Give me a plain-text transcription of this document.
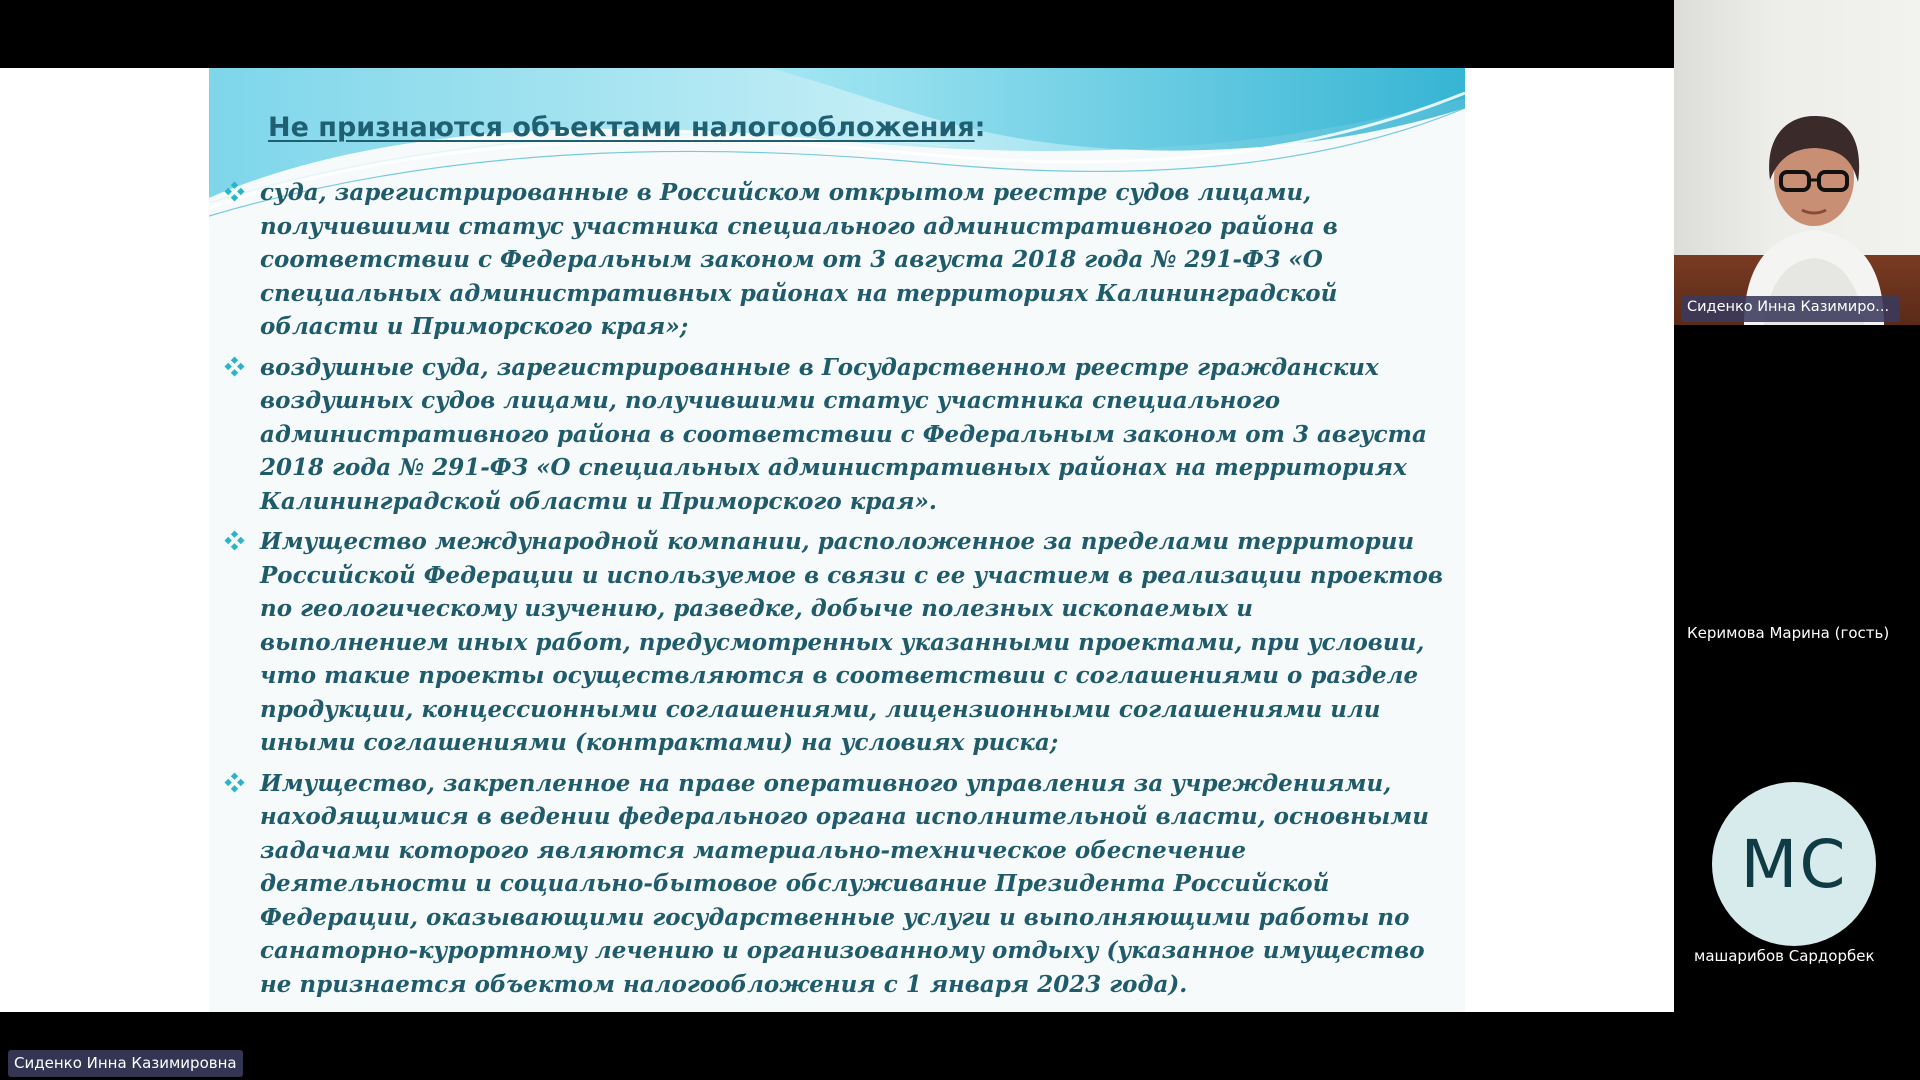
Не признаются объектами налогообложения:
суда, зарегистрированные в Российском открытом реестре судов лицами, получившими статус участника специального административного района в соответствии с Федеральным законом от 3 августа 2018 года № 291-ФЗ «О специальных административных районах на территориях Калининградской области и Приморского края»;
воздушные суда, зарегистрированные в Государственном реестре гражданских воздушных судов лицами, получившими статус участника специального административного района в соответствии с Федеральным законом от 3 августа 2018 года № 291-ФЗ «О специальных административных районах на территориях Калининградской области и Приморского края».
Имущество международной компании, расположенное за пределами территории Российской Федерации и используемое в связи с ее участием в реализации проектов по геологическому изучению, разведке, добыче полезных ископаемых и выполнением иных работ, предусмотренных указанными проектами, при условии, что такие проекты осуществляются в соответствии с соглашениями о разделе продукции, концессионными соглашениями, лицензионными соглашениями или иными соглашениями (контрактами) на условиях риска;
Имущество, закрепленное на праве оперативного управления за учреждениями, находящимися в ведении федерального органа исполнительной власти, основными задачами которого являются материально-техническое обеспечение деятельности и социально-бытовое обслуживание Президента Российской Федерации, оказывающими государственные услуги и выполняющими работы по санаторно-курортному лечению и организованному отдыху (указанное имущество не признается объектом налогообложения с 1 января 2023 года).
Сиденко Инна Казимиро...
Керимова Марина (гость)
MC
машарибов Сардорбек
Сиденко Инна Казимировна
